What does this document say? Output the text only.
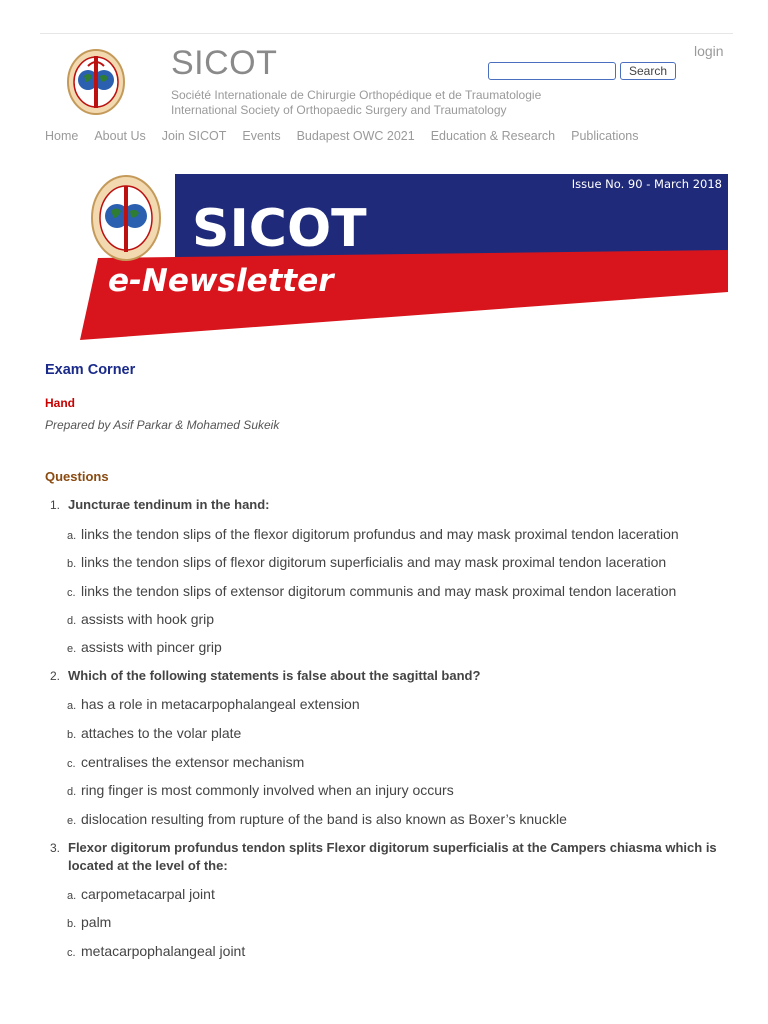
SICOT
Société Internationale de Chirurgie Orthopédique et de Traumatologie
International Society of Orthopaedic Surgery and Traumatology
login
Search
Home About Us Join SICOT Events Budapest OWC 2021 Education & Research Publications
Issue No. 90 - March 2018
SICOT
e-Newsletter
Exam Corner
Hand
Prepared by Asif Parkar & Mohamed Sukeik
Questions
1. Juncturae tendinum in the hand:
a. links the tendon slips of the flexor digitorum profundus and may mask proximal tendon laceration
b. links the tendon slips of flexor digitorum superficialis and may mask proximal tendon laceration
c. links the tendon slips of extensor digitorum communis and may mask proximal tendon laceration
d. assists with hook grip
e. assists with pincer grip
2. Which of the following statements is false about the sagittal band?
a. has a role in metacarpophalangeal extension
b. attaches to the volar plate
c. centralises the extensor mechanism
d. ring finger is most commonly involved when an injury occurs
e. dislocation resulting from rupture of the band is also known as Boxer’s knuckle
3. Flexor digitorum profundus tendon splits Flexor digitorum superficialis at the Campers chiasma which is located at the level of the:
a. carpometacarpal joint
b. palm
c. metacarpophalangeal joint
